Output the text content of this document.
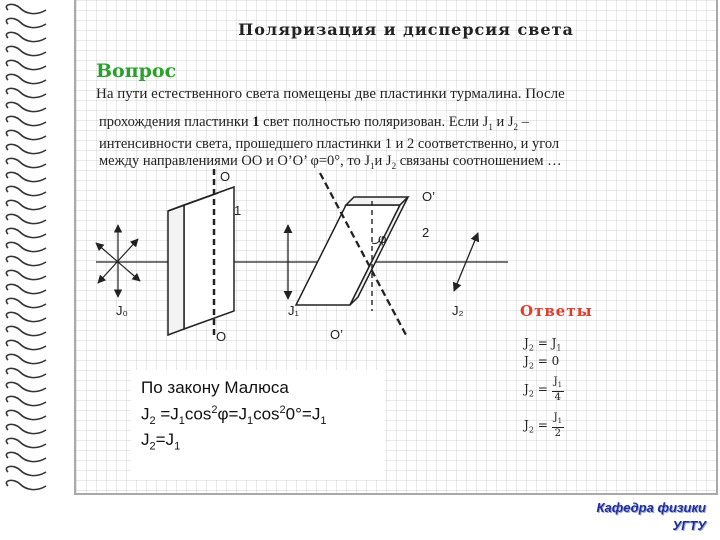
Поляризация и дисперсия света
Вопрос
На пути естественного света помещены две пластинки турмалина. После
прохождения пластинки 1 свет полностью поляризован. Если $J_1$ и $J_2$ –
интенсивности света, прошедшего пластинки 1 и 2 соответственно, и угол
между направлениями ОО и О’О’ φ=0°, то $J_1и$ $J_2$ связаны соотношением …
O
O
O’
O’
1
2
φ
J₀	J₁	J₂	Ответы
$J_2 = J_1$
$J_2 = 0$
$J_2 = \frac{J_1}{4}$
$J_2 = \frac{J_1}{2}$
По закону Малюса
$J_2 =J_1\cos^2\varphi=J_1\cos^20^\circ=J_1$
$J_2=J_1$
Кафедра физики
УГТУ
